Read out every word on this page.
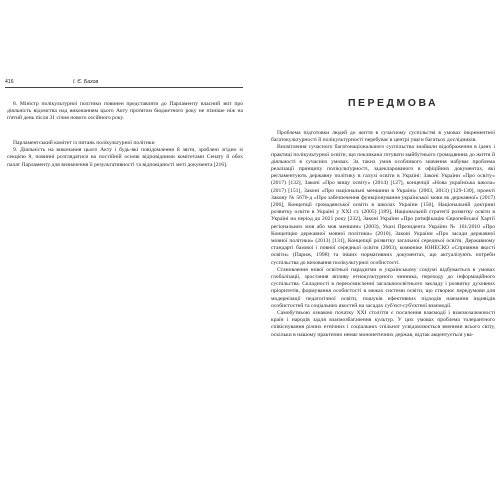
416	І. Є. Бахов

8. Міністр полікультурної політики повинен представляти до Парламенту власний звіт про діяльність відомства над виконанням цього Акту протягом бюджетного року не пізніше ніж на п'ятий день після 31 січня нового сесійного року.

Парламентський комітет із питань полікультурної політики

9. Діяльність на виконання цього Акту і будь-які повідомлення й звіти, зроблені згідно зі секцією 8, повинні розглядатися на постійній основі відповідними комітетами Сенату й обох палат Парламенту для визначення її результативності та відповідності меті документа [216].

ПЕРЕДМОВА

Проблема підготовки людей до життя в сучасному суспільстві в умовах інкрементної багатокультурності й полікультурності перебуває в центрі уваги багатьох дослідників.

Висвітлення сучасного багатонаціонального суспільства знайшли відображення в ідеях і практиці полікультурної освіти, що покликана готувати майбутнього громадянина до життя й діяльності в сучасних умовах. За таких умов особливого значення набуває проблема реалізації принципу полікультурності, задекларованого в офіційних документах, які регламентують державну політику в галузі освіти в Україні: Законі України «Про освіту» (2017) [132], Законі «Про вищу освіту» (2014) [127], концепції «Нова українська школа» (2017) [151], Законі «Про національні меншини в Україні» (2003, 2013) [129-130], проекті Закону № 5670-д «Про забезпечення функціонування української мови як державної» (2017) [206], Концепції громадянської освіти в школах України [150], Національній доктрині розвитку освіти в Україні у ХХІ ст. (2005) [189], Національній стратегії розвитку освіти в Україні на період до 2021 року [232], Законі України «Про ратифікацію Європейської Хартії регіональних мов або мов меншин» (2003), Указі Президента України № 161/2010 «Про Концепцію державної мовної політики» (2010), Законі України «Про засади державної мовної політики» (2013) [131], Концепції розвитку загальної середньої освіти, Державному стандарті базової і повної середньої освіти (2003), комюніке ЮНЕСКО «Сприяння якості освіти» (Париж, 1998) та інших нормативних документах, що актуалізують потреби суспільства до виховання полікультурної особистості.

Становлення нової освітньої парадигми в українському соціумі відбувається в умовах глобалізації, зростання впливу етнокультурного чинника, переходу до інформаційного суспільства. Складності в переосмисленні загальноосвітнього закладу і розвитку духовних пріоритетів, формування особистості в межах системи освіти, що створює передумови для модернізації педагогічної освіти, пошуків ефективних підходів навчання індивідів особистостей та соціальних якостей на засадах суб'єкт-суб'єктної взаємодії.

Самобутньою ознакою початку XXI століття є посилення взаємодії і взаємозалежності країн і народів задля взаємозбагачення культур. У цих умовах проблема толерантного співіснування різних етнічних і соціальних спільнот усвідомлюється вченими всього світу, оскільки в нашому практично немає мононетичних держав, відтак акцентується ува-
